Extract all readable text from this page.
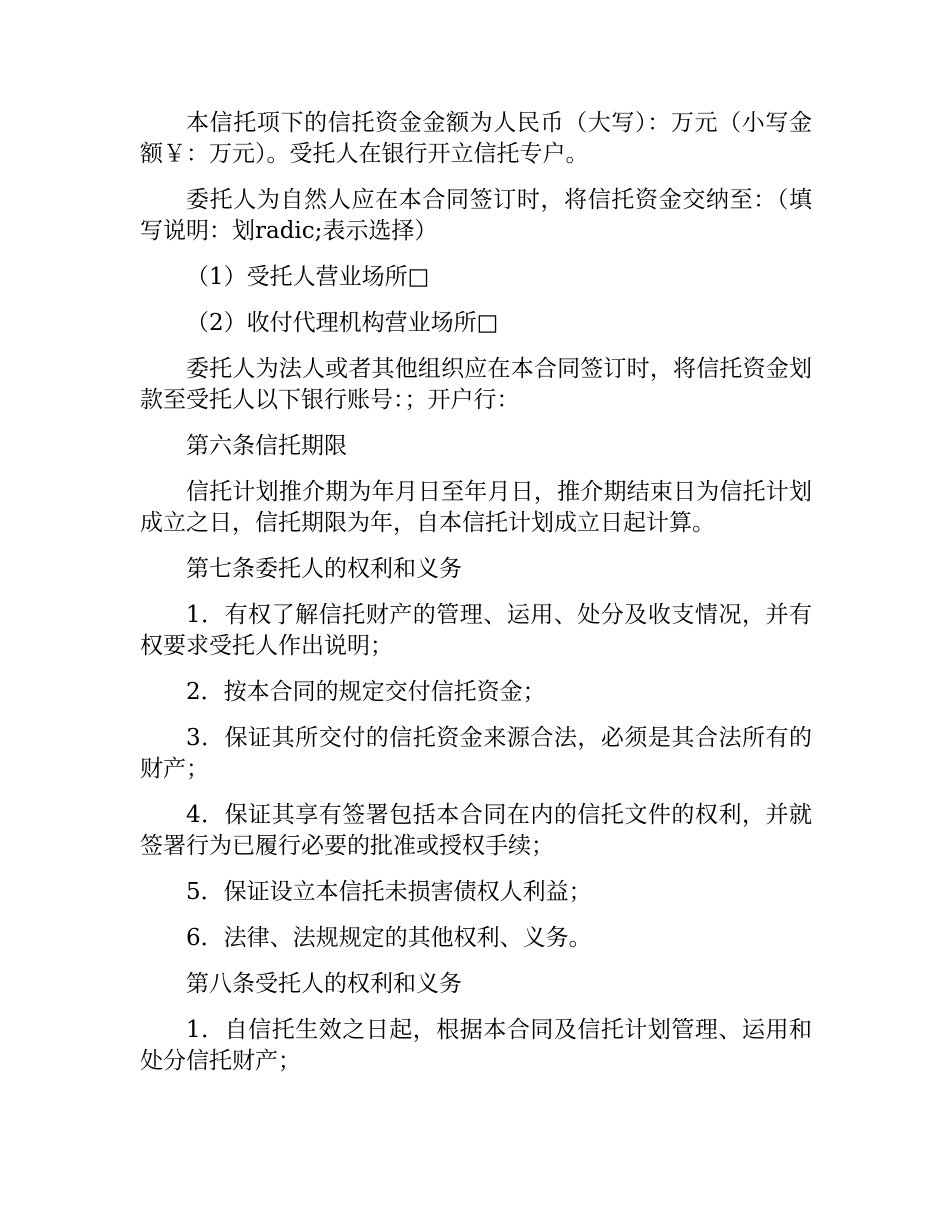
本信托项下的信托资金金额为人民币（大写）：万元（小写金额￥：万元）。受托人在银行开立信托专户。

委托人为自然人应在本合同签订时，将信托资金交纳至：（填写说明：划radic;表示选择）

（1）受托人营业场所□

（2）收付代理机构营业场所□

委托人为法人或者其他组织应在本合同签订时，将信托资金划款至受托人以下银行账号：；开户行：

第六条信托期限

信托计划推介期为年月日至年月日，推介期结束日为信托计划成立之日，信托期限为年，自本信托计划成立日起计算。

第七条委托人的权利和义务

1．有权了解信托财产的管理、运用、处分及收支情况，并有权要求受托人作出说明；

2．按本合同的规定交付信托资金；

3．保证其所交付的信托资金来源合法，必须是其合法所有的财产；

4．保证其享有签署包括本合同在内的信托文件的权利，并就签署行为已履行必要的批准或授权手续；

5．保证设立本信托未损害债权人利益；

6．法律、法规规定的其他权利、义务。

第八条受托人的权利和义务

1．自信托生效之日起，根据本合同及信托计划管理、运用和处分信托财产；
